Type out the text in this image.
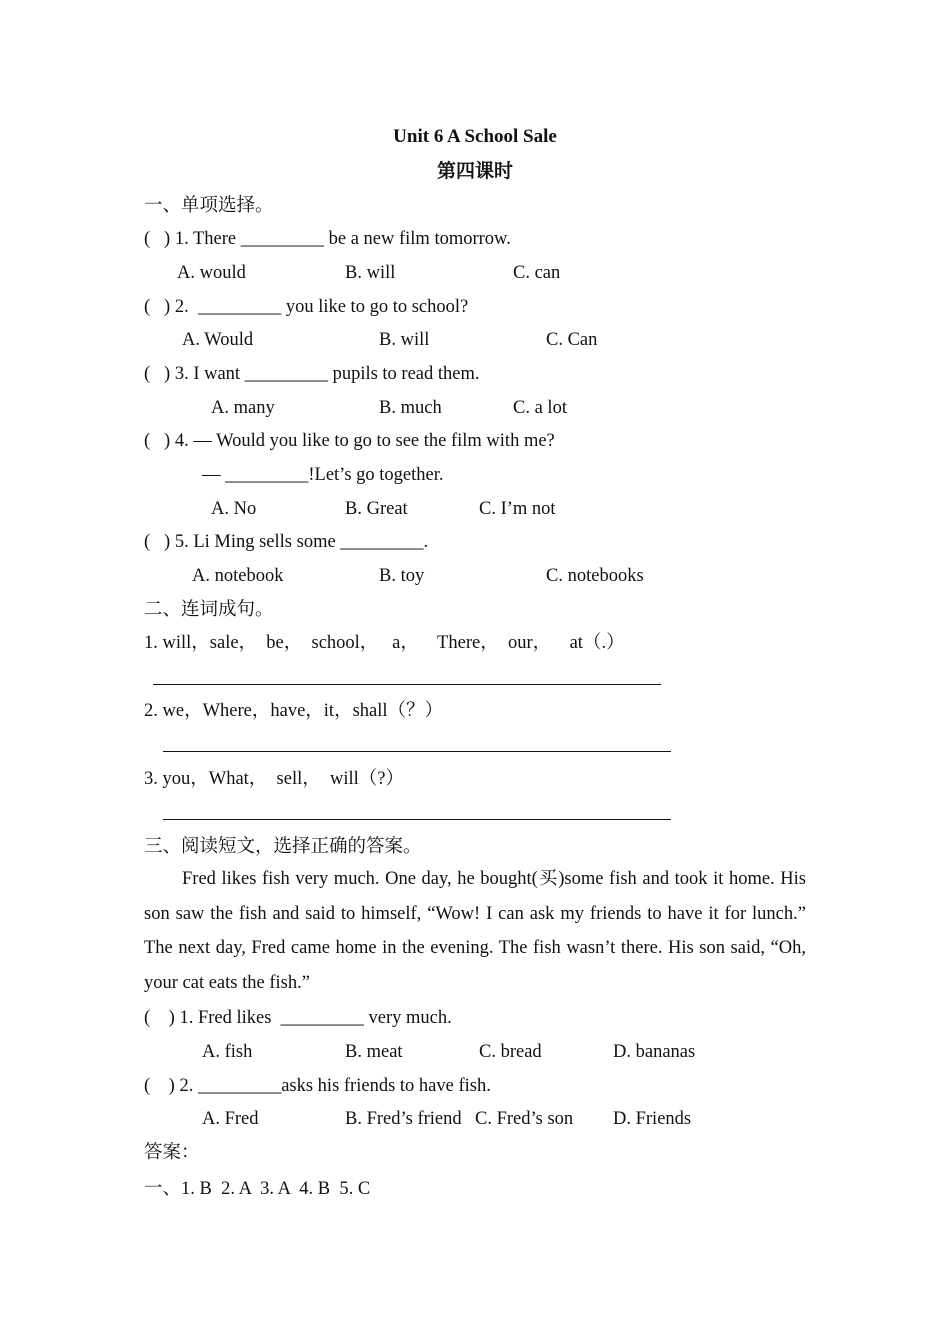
Unit 6 A School Sale
第四课时
一、单项选择。
(   ) 1. There _________ be a new film tomorrow.
A. would	B. will	C. can
(   ) 2.  _________ you like to go to school?
A. Would	B. will	C. Can
(   ) 3. I want _________ pupils to read them.
A. many	B. much	C. a lot
(   ) 4. — Would you like to go to see the film with me?
— _________!Let’s go together.
A. No	B. Great	C. I’m not
(   ) 5. Li Ming sells some _________.
A. notebook	B. toy	C. notebooks
二、连词成句。
1. will，sale，  be，  school，   a，    There，  our，    at（.）
2. we，Where，have，it，shall（？）
3. you，What，  sell，  will（?）
三、阅读短文，选择正确的答案。
Fred likes fish very much. One day, he bought(买)some fish and took it home. His son saw the fish and said to himself, “Wow! I can ask my friends to have it for lunch.” The next day, Fred came home in the evening. The fish wasn’t there. His son said, “Oh, your cat eats the fish.”
(    ) 1. Fred likes  _________ very much.
A. fish	B. meat	C. bread	D. bananas
(    ) 2. _________asks his friends to have fish.
A. Fred	B. Fred’s friend C. Fred’s son D. Friends
答案：
一、1. B  2. A  3. A  4. B  5. C
